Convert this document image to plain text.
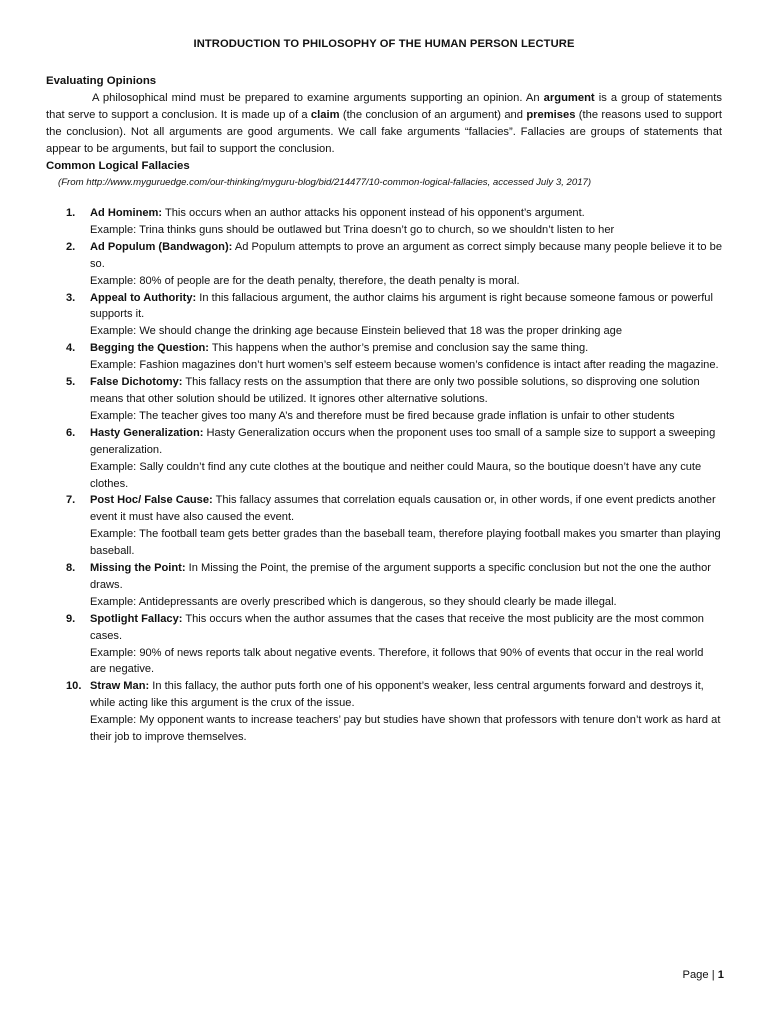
INTRODUCTION TO PHILOSOPHY OF THE HUMAN PERSON LECTURE
Evaluating Opinions

A philosophical mind must be prepared to examine arguments supporting an opinion. An argument is a group of statements that serve to support a conclusion. It is made up of a claim (the conclusion of an argument) and premises (the reasons used to support the conclusion). Not all arguments are good arguments. We call fake arguments “fallacies”. Fallacies are groups of statements that appear to be arguments, but fail to support the conclusion.

Common Logical Fallacies
(From http://www.myguruedge.com/our-thinking/myguru-blog/bid/214477/10-common-logical-fallacies, accessed July 3, 2017)
1. Ad Hominem: This occurs when an author attacks his opponent instead of his opponent’s argument.
Example: Trina thinks guns should be outlawed but Trina doesn’t go to church, so we shouldn’t listen to her
2. Ad Populum (Bandwagon): Ad Populum attempts to prove an argument as correct simply because many people believe it to be so.
Example: 80% of people are for the death penalty, therefore, the death penalty is moral.
3. Appeal to Authority: In this fallacious argument, the author claims his argument is right because someone famous or powerful supports it.
Example: We should change the drinking age because Einstein believed that 18 was the proper drinking age
4. Begging the Question: This happens when the author’s premise and conclusion say the same thing.
Example: Fashion magazines don’t hurt women’s self esteem because women’s confidence is intact after reading the magazine.
5. False Dichotomy: This fallacy rests on the assumption that there are only two possible solutions, so disproving one solution means that other solution should be utilized. It ignores other alternative solutions.
Example: The teacher gives too many A’s and therefore must be fired because grade inflation is unfair to other students
6. Hasty Generalization: Hasty Generalization occurs when the proponent uses too small of a sample size to support a sweeping generalization.
Example: Sally couldn’t find any cute clothes at the boutique and neither could Maura, so the boutique doesn’t have any cute clothes.
7. Post Hoc/ False Cause: This fallacy assumes that correlation equals causation or, in other words, if one event predicts another event it must have also caused the event.
Example: The football team gets better grades than the baseball team, therefore playing football makes you smarter than playing baseball.
8. Missing the Point: In Missing the Point, the premise of the argument supports a specific conclusion but not the one the author draws.
Example: Antidepressants are overly prescribed which is dangerous, so they should clearly be made illegal.
9. Spotlight Fallacy: This occurs when the author assumes that the cases that receive the most publicity are the most common cases.
Example: 90% of news reports talk about negative events. Therefore, it follows that 90% of events that occur in the real world are negative.
10. Straw Man: In this fallacy, the author puts forth one of his opponent’s weaker, less central arguments forward and destroys it, while acting like this argument is the crux of the issue.
Example: My opponent wants to increase teachers’ pay but studies have shown that professors with tenure don’t work as hard at their job to improve themselves.
Page | 1
